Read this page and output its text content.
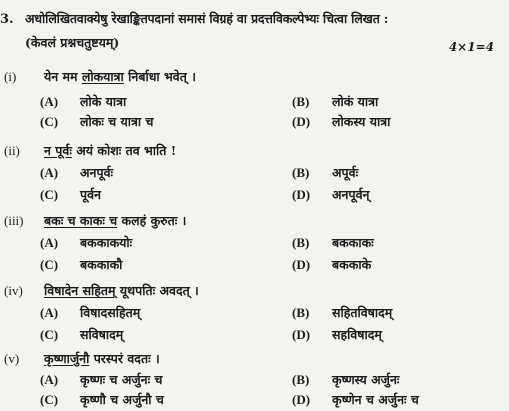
3. अधोलिखितवाक्येषु रेखाङ्कितपदानां समासं विग्रहं वा प्रदत्तविकल्पेभ्यः चित्वा लिखत :
(केवलं प्रश्नचतुष्टयम्)	4×1=4
(i) येन मम लोकयात्रा निर्बाधा भवेत् ।
(A) लोके यात्रा	(B) लोकं यात्रा
(C) लोकः च यात्रा च	(D) लोकस्य यात्रा
(ii) न पूर्वः अयं कोशः तव भाति !
(A) अनपूर्वः	(B) अपूर्वः
(C) पूर्वन	(D) अनपूर्वन्
(iii) बकः च काकः च कलहं कुरुतः ।
(A) बककाकयोः	(B) बककाकः
(C) बककाकौ	(D) बककाके
(iv) विषादेन सहितम् यूथपतिः अवदत् ।
(A) विषादसहितम्	(B) सहितविषादम्
(C) सविषादम्	(D) सहविषादम्
(v) कृष्णार्जुनौ परस्परं वदतः ।
(A) कृष्णः च अर्जुनः च	(B) कृष्णस्य अर्जुनः
(C) कृष्णौ च अर्जुनौ च	(D) कृष्णेन च अर्जुनः च
